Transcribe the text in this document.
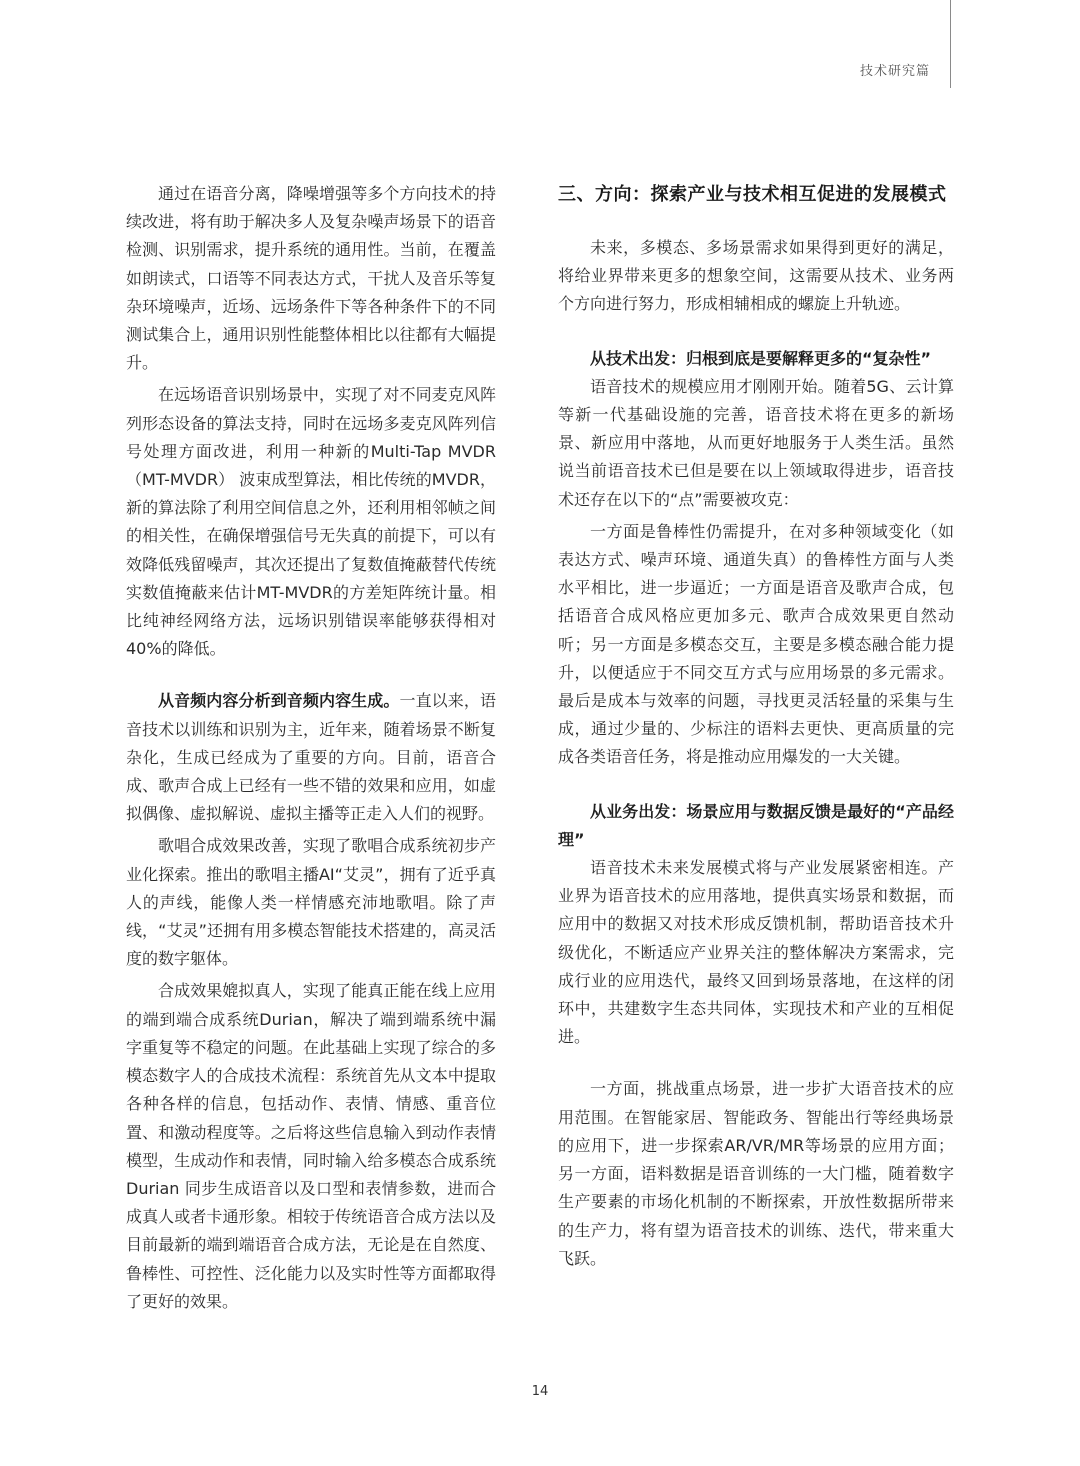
技术研究篇

通过在语音分离，降噪增强等多个方向技术的持续改进，将有助于解决多人及复杂噪声场景下的语音检测、识别需求，提升系统的通用性。当前，在覆盖如朗读式，口语等不同表达方式，干扰人及音乐等复杂环境噪声，近场、远场条件下等各种条件下的不同测试集合上，通用识别性能整体相比以往都有大幅提升。

在远场语音识别场景中，实现了对不同麦克风阵列形态设备的算法支持，同时在远场多麦克风阵列信号处理方面改进，利用一种新的Multi-Tap MVDR（MT-MVDR） 波束成型算法，相比传统的MVDR，新的算法除了利用空间信息之外，还利用相邻帧之间的相关性，在确保增强信号无失真的前提下，可以有效降低残留噪声，其次还提出了复数值掩蔽替代传统实数值掩蔽来估计MT-MVDR的方差矩阵统计量。相比纯神经网络方法，远场识别错误率能够获得相对40%的降低。

从音频内容分析到音频内容生成。一直以来，语音技术以训练和识别为主，近年来，随着场景不断复杂化，生成已经成为了重要的方向。目前，语音合成、歌声合成上已经有一些不错的效果和应用，如虚拟偶像、虚拟解说、虚拟主播等正走入人们的视野。

歌唱合成效果改善，实现了歌唱合成系统初步产业化探索。推出的歌唱主播AI“艾灵”，拥有了近乎真人的声线，能像人类一样情感充沛地歌唱。除了声线，“艾灵”还拥有用多模态智能技术搭建的，高灵活度的数字躯体。

合成效果媲拟真人，实现了能真正能在线上应用的端到端合成系统Durian，解决了端到端系统中漏字重复等不稳定的问题。在此基础上实现了综合的多模态数字人的合成技术流程：系统首先从文本中提取各种各样的信息，包括动作、表情、情感、重音位置、和激动程度等。之后将这些信息输入到动作表情模型，生成动作和表情，同时输入给多模态合成系统 Durian 同步生成语音以及口型和表情参数，进而合成真人或者卡通形象。相较于传统语音合成方法以及目前最新的端到端语音合成方法，无论是在自然度、鲁棒性、可控性、泛化能力以及实时性等方面都取得了更好的效果。

三、方向：探索产业与技术相互促进的发展模式

未来，多模态、多场景需求如果得到更好的满足，将给业界带来更多的想象空间，这需要从技术、业务两个方向进行努力，形成相辅相成的螺旋上升轨迹。

从技术出发：归根到底是要解释更多的“复杂性”

语音技术的规模应用才刚刚开始。随着5G、云计算等新一代基础设施的完善，语音技术将在更多的新场景、新应用中落地，从而更好地服务于人类生活。虽然说当前语音技术已但是要在以上领域取得进步，语音技术还存在以下的“点”需要被攻克：

一方面是鲁棒性仍需提升，在对多种领域变化（如表达方式、噪声环境、通道失真）的鲁棒性方面与人类水平相比，进一步逼近；一方面是语音及歌声合成，包括语音合成风格应更加多元、歌声合成效果更自然动听；另一方面是多模态交互，主要是多模态融合能力提升，以便适应于不同交互方式与应用场景的多元需求。最后是成本与效率的问题，寻找更灵活轻量的采集与生成，通过少量的、少标注的语料去更快、更高质量的完成各类语音任务，将是推动应用爆发的一大关键。

从业务出发：场景应用与数据反馈是最好的“产品经理”

语音技术未来发展模式将与产业发展紧密相连。产业界为语音技术的应用落地，提供真实场景和数据，而应用中的数据又对技术形成反馈机制，帮助语音技术升级优化，不断适应产业界关注的整体解决方案需求，完成行业的应用迭代，最终又回到场景落地，在这样的闭环中，共建数字生态共同体，实现技术和产业的互相促进。

一方面，挑战重点场景，进一步扩大语音技术的应用范围。在智能家居、智能政务、智能出行等经典场景的应用下，进一步探索AR/VR/MR等场景的应用方面；另一方面，语料数据是语音训练的一大门槛，随着数字生产要素的市场化机制的不断探索，开放性数据所带来的生产力，将有望为语音技术的训练、迭代，带来重大飞跃。

14
